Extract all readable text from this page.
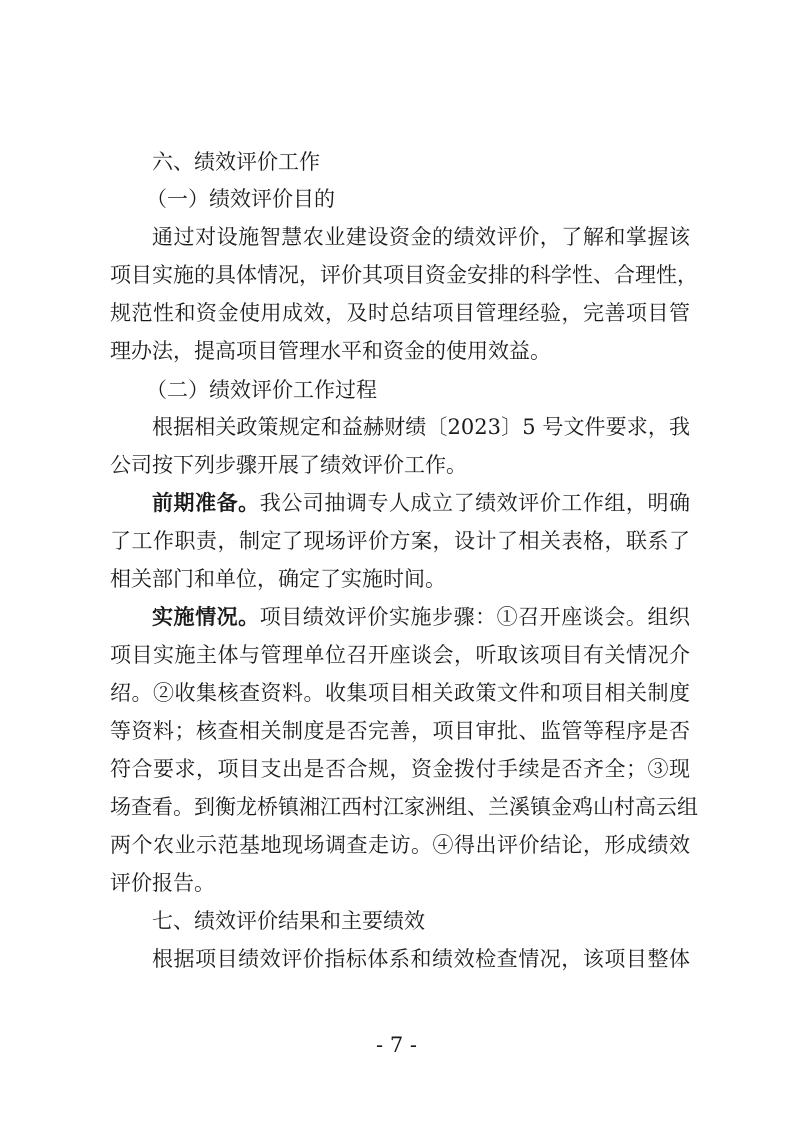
六、绩效评价工作
（一）绩效评价目的
通过对设施智慧农业建设资金的绩效评价，了解和掌握该
项目实施的具体情况，评价其项目资金安排的科学性、合理性，
规范性和资金使用成效，及时总结项目管理经验，完善项目管
理办法，提高项目管理水平和资金的使用效益。
（二）绩效评价工作过程
根据相关政策规定和益赫财绩〔2023〕5 号文件要求，我
公司按下列步骤开展了绩效评价工作。
前期准备。我公司抽调专人成立了绩效评价工作组，明确
了工作职责，制定了现场评价方案，设计了相关表格，联系了
相关部门和单位，确定了实施时间。
实施情况。项目绩效评价实施步骤：①召开座谈会。组织
项目实施主体与管理单位召开座谈会，听取该项目有关情况介
绍。②收集核查资料。收集项目相关政策文件和项目相关制度
等资料；核查相关制度是否完善，项目审批、监管等程序是否
符合要求，项目支出是否合规，资金拨付手续是否齐全；③现
场查看。到衡龙桥镇湘江西村江家洲组、兰溪镇金鸡山村高云组
两个农业示范基地现场调查走访。④得出评价结论，形成绩效
评价报告。
七、绩效评价结果和主要绩效
根据项目绩效评价指标体系和绩效检查情况，该项目整体
- 7 -
